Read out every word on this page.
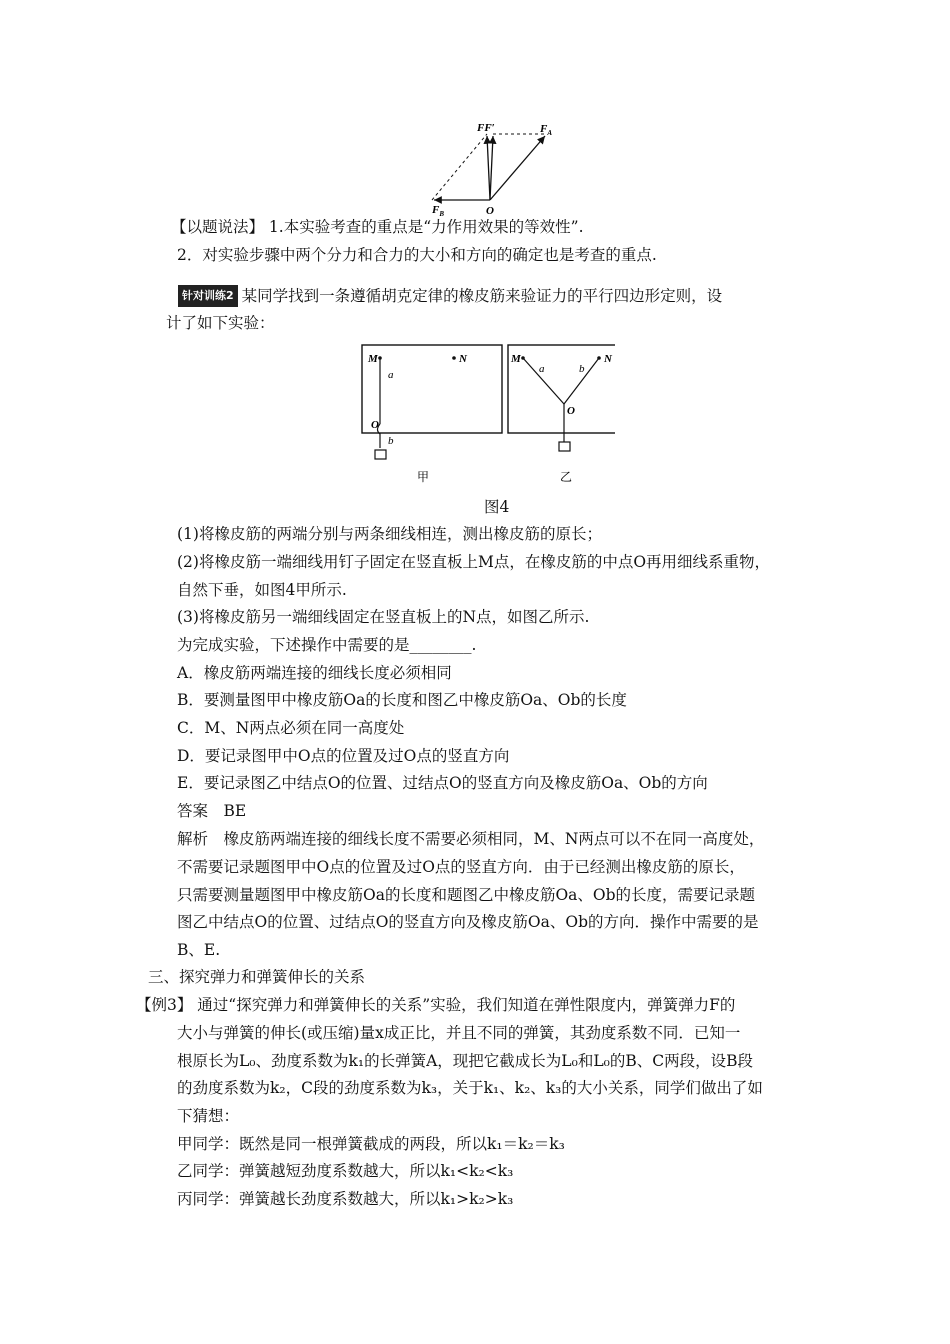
FF′	$F_A$
$F_B$	O
【以题说法】 1.本实验考查的重点是“力作用效果的等效性”.
2．对实验步骤中两个分力和合力的大小和方向的确定也是考查的重点.
针对训练2 某同学找到一条遵循胡克定律的橡皮筋来验证力的平行四边形定则，设
计了如下实验：
M	N
a
O
b
甲
M	N
a	b
O
乙
图4
(1)将橡皮筋的两端分别与两条细线相连，测出橡皮筋的原长；
(2)将橡皮筋一端细线用钉子固定在竖直板上M点，在橡皮筋的中点O再用细线系重物，
自然下垂，如图4甲所示.
(3)将橡皮筋另一端细线固定在竖直板上的N点，如图乙所示.
为完成实验，下述操作中需要的是________.
A．橡皮筋两端连接的细线长度必须相同
B．要测量图甲中橡皮筋Oa的长度和图乙中橡皮筋Oa、Ob的长度
C．M、N两点必须在同一高度处
D．要记录图甲中O点的位置及过O点的竖直方向
E．要记录图乙中结点O的位置、过结点O的竖直方向及橡皮筋Oa、Ob的方向
答案　BE
解析　橡皮筋两端连接的细线长度不需要必须相同，M、N两点可以不在同一高度处，
不需要记录题图甲中O点的位置及过O点的竖直方向．由于已经测出橡皮筋的原长，
只需要测量题图甲中橡皮筋Oa的长度和题图乙中橡皮筋Oa、Ob的长度，需要记录题
图乙中结点O的位置、过结点O的竖直方向及橡皮筋Oa、Ob的方向．操作中需要的是
B、E.
三、探究弹力和弹簧伸长的关系
【例3】 通过“探究弹力和弹簧伸长的关系”实验，我们知道在弹性限度内，弹簧弹力F的
大小与弹簧的伸长(或压缩)量x成正比，并且不同的弹簧，其劲度系数不同．已知一
根原长为L₀、劲度系数为k₁的长弹簧A，现把它截成长为L₀和L₀的B、C两段，设B段
的劲度系数为k₂，C段的劲度系数为k₃，关于k₁、k₂、k₃的大小关系，同学们做出了如
下猜想：
甲同学：既然是同一根弹簧截成的两段，所以k₁＝k₂＝k₃
乙同学：弹簧越短劲度系数越大，所以k₁<k₂<k₃
丙同学：弹簧越长劲度系数越大，所以k₁>k₂>k₃
